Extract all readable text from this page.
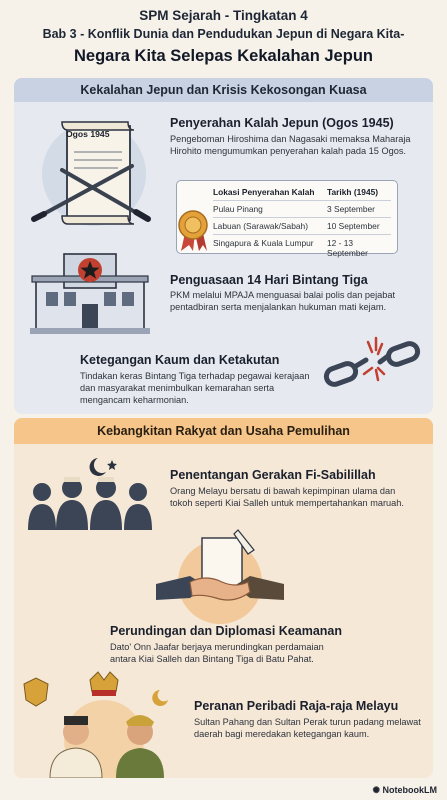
SPM Sejarah - Tingkatan 4
Bab 3 - Konflik Dunia dan Pendudukan Jepun di Negara Kita-
Negara Kita Selepas Kekalahan Jepun
Kekalahan Jepun dan Krisis Kekosongan Kuasa
Ogos 1945
Penyerahan Kalah Jepun (Ogos 1945)
Pengeboman Hiroshima dan Nagasaki memaksa Maharaja Hirohito mengumumkan penyerahan kalah pada 15 Ogos.
Lokasi Penyerahan Kalah Tarikh (1945)
Pulau Pinang	3 September
Labuan (Sarawak/Sabah) 10 September
Singapura & Kuala Lumpur 12 - 13 September
Penguasaan 14 Hari Bintang Tiga
PKM melalui MPAJA menguasai balai polis dan pejabat pentadbiran serta menjalankan hukuman mati kejam.
Ketegangan Kaum dan Ketakutan
Tindakan keras Bintang Tiga terhadap pegawai kerajaan dan masyarakat menimbulkan kemarahan serta mengancam keharmonian.
Kebangkitan Rakyat dan Usaha Pemulihan
Penentangan Gerakan Fi-Sabilillah
Orang Melayu bersatu di bawah kepimpinan ulama dan tokoh seperti Kiai Salleh untuk mempertahankan maruah.
Perundingan dan Diplomasi Keamanan
Dato' Onn Jaafar berjaya merundingkan perdamaian antara Kiai Salleh dan Bintang Tiga di Batu Pahat.
Peranan Peribadi Raja-raja Melayu
Sultan Pahang dan Sultan Perak turun padang melawat daerah bagi meredakan ketegangan kaum.
✺ NotebookLM
